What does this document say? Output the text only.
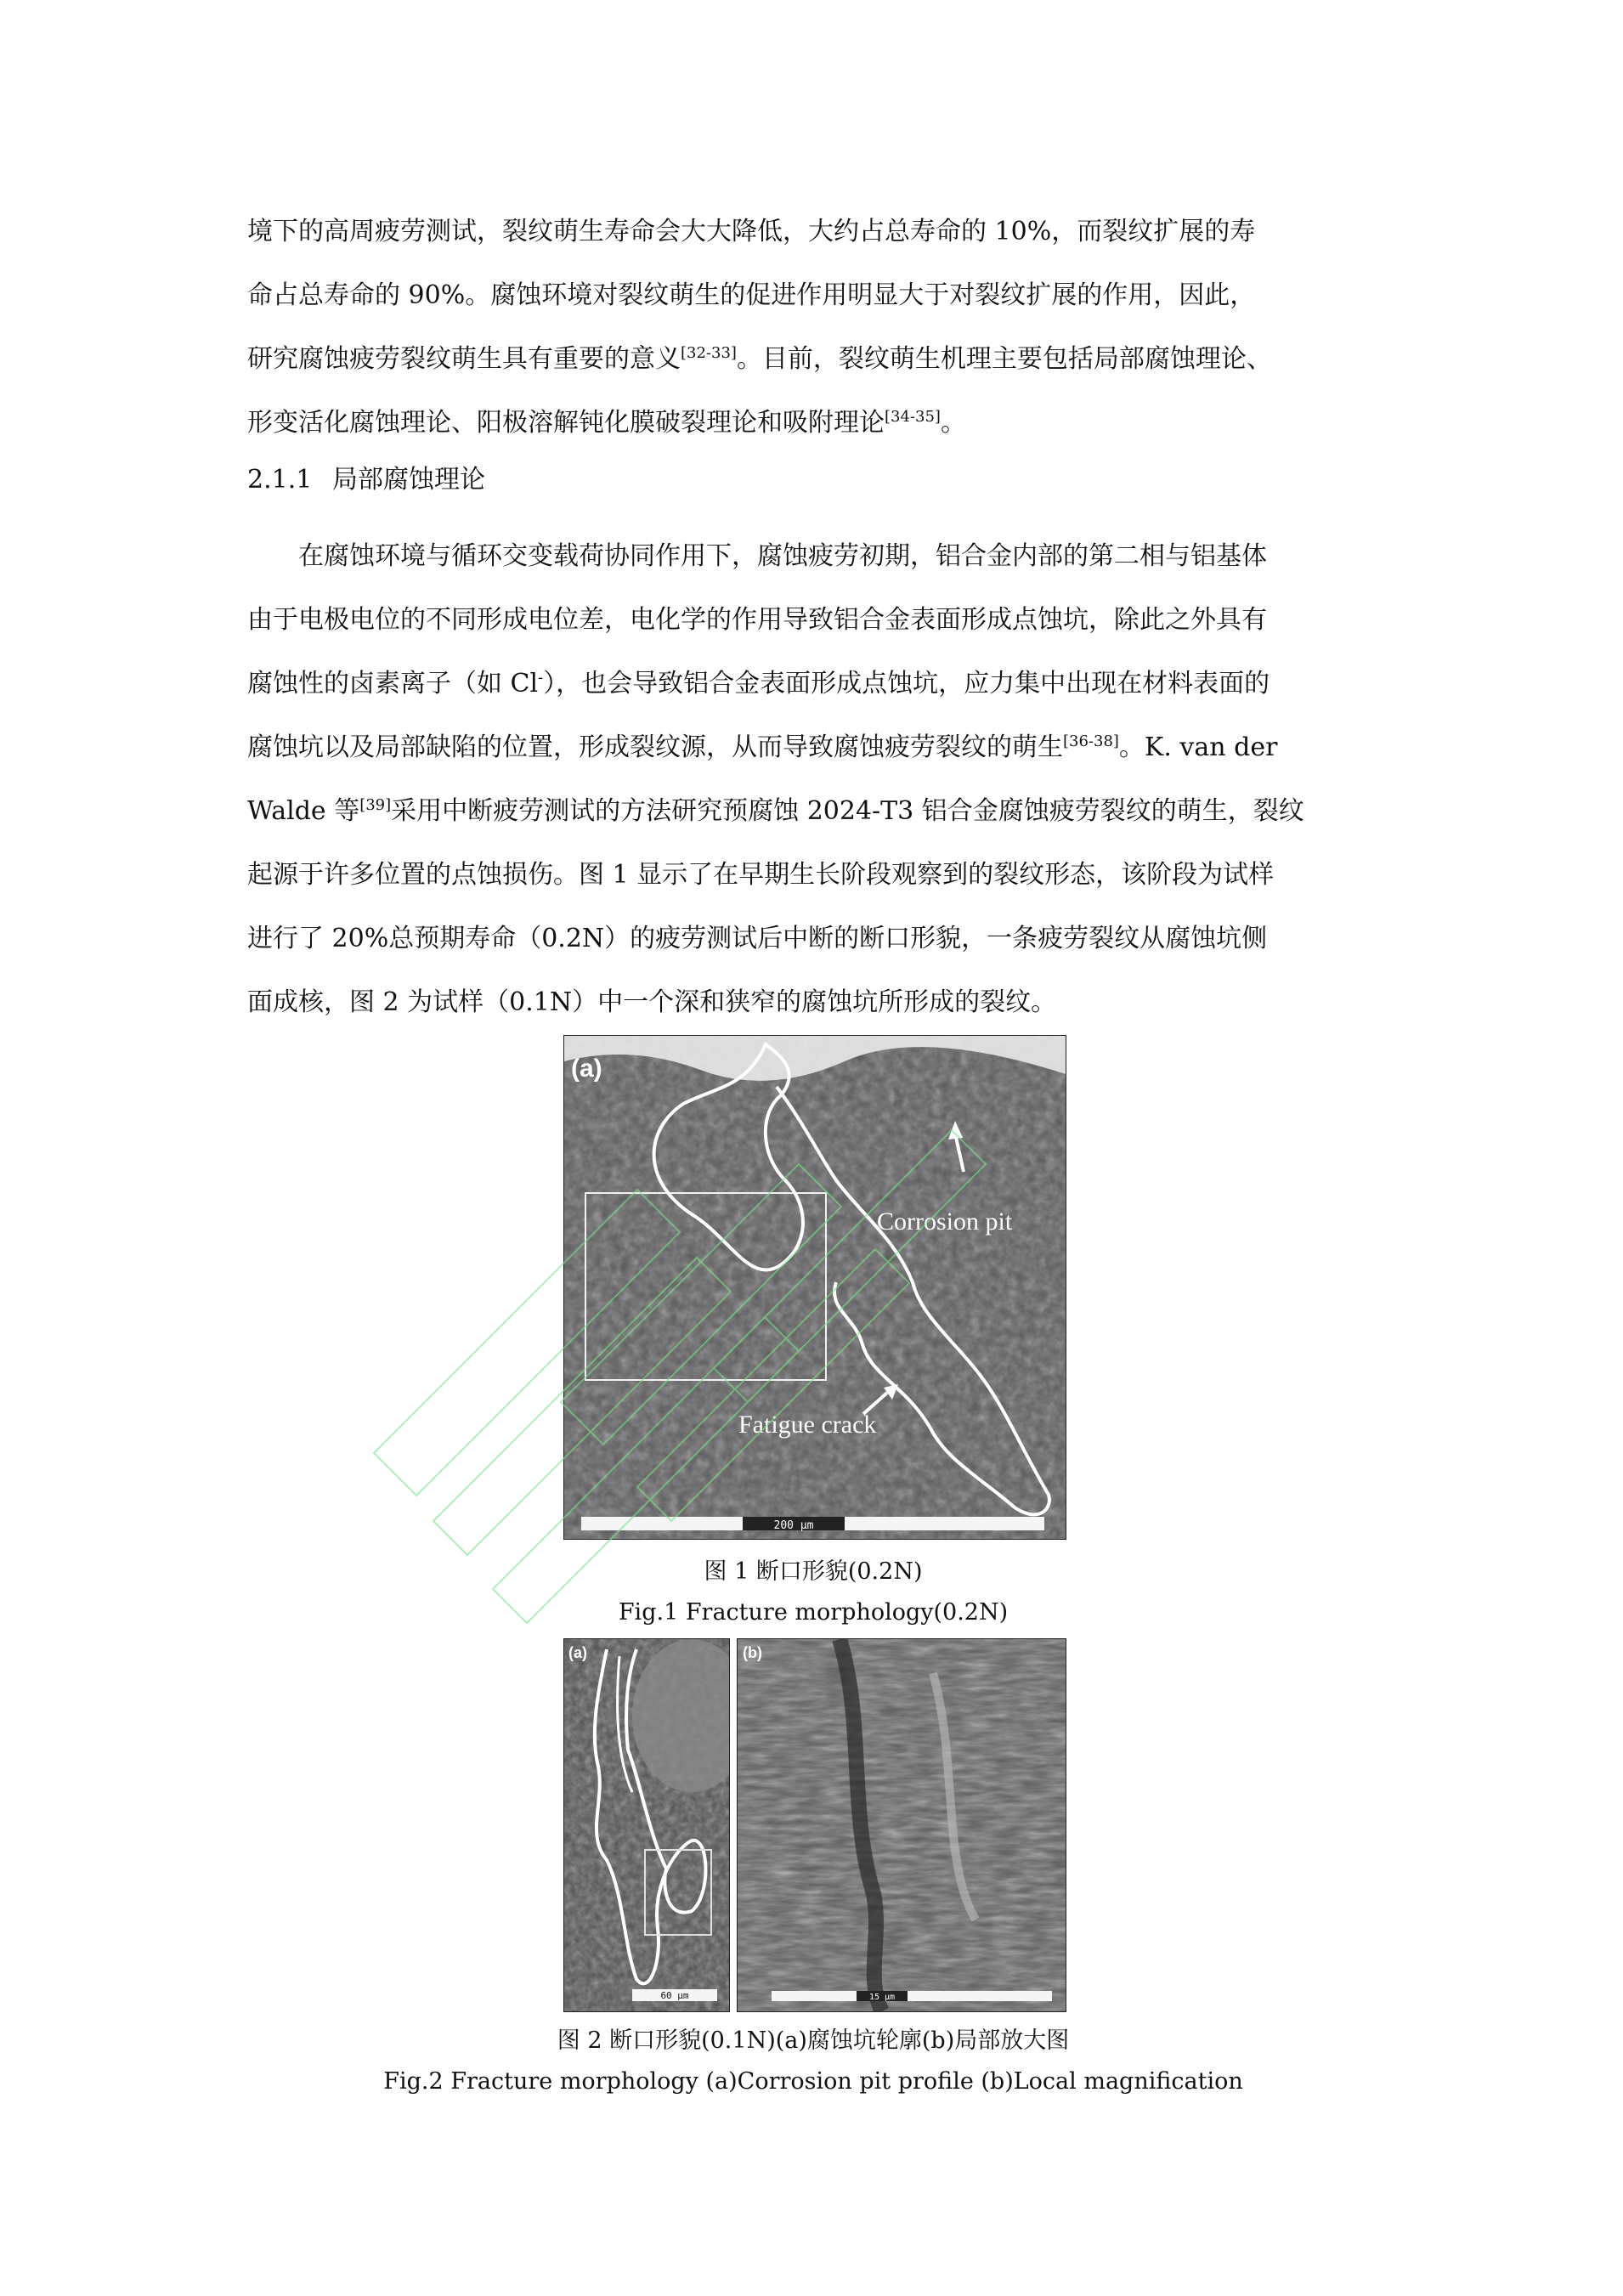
境下的高周疲劳测试，裂纹萌生寿命会大大降低，大约占总寿命的 10%，而裂纹扩展的寿
命占总寿命的 90%。腐蚀环境对裂纹萌生的促进作用明显大于对裂纹扩展的作用，因此，
研究腐蚀疲劳裂纹萌生具有重要的意义[32-33]。目前，裂纹萌生机理主要包括局部腐蚀理论、
形变活化腐蚀理论、阳极溶解钝化膜破裂理论和吸附理论[34-35]。
2.1.1 局部腐蚀理论
在腐蚀环境与循环交变载荷协同作用下，腐蚀疲劳初期，铝合金内部的第二相与铝基体
由于电极电位的不同形成电位差，电化学的作用导致铝合金表面形成点蚀坑，除此之外具有
腐蚀性的卤素离子（如 Cl-），也会导致铝合金表面形成点蚀坑，应力集中出现在材料表面的
腐蚀坑以及局部缺陷的位置，形成裂纹源，从而导致腐蚀疲劳裂纹的萌生[36-38]。K. van der
Walde 等[39]采用中断疲劳测试的方法研究预腐蚀 2024-T3 铝合金腐蚀疲劳裂纹的萌生，裂纹
起源于许多位置的点蚀损伤。图 1 显示了在早期生长阶段观察到的裂纹形态，该阶段为试样
进行了 20%总预期寿命（0.2N）的疲劳测试后中断的断口形貌，一条疲劳裂纹从腐蚀坑侧
面成核，图 2 为试样（0.1N）中一个深和狭窄的腐蚀坑所形成的裂纹。
(a)
Corrosion pit
Fatigue crack
200 μm
图 1 断口形貌(0.2N)
Fig.1 Fracture morphology(0.2N)
(a)
60 μm
(b)
15 μm
图 2 断口形貌(0.1N)(a)腐蚀坑轮廓(b)局部放大图
Fig.2 Fracture morphology (a)Corrosion pit profile (b)Local magnification
